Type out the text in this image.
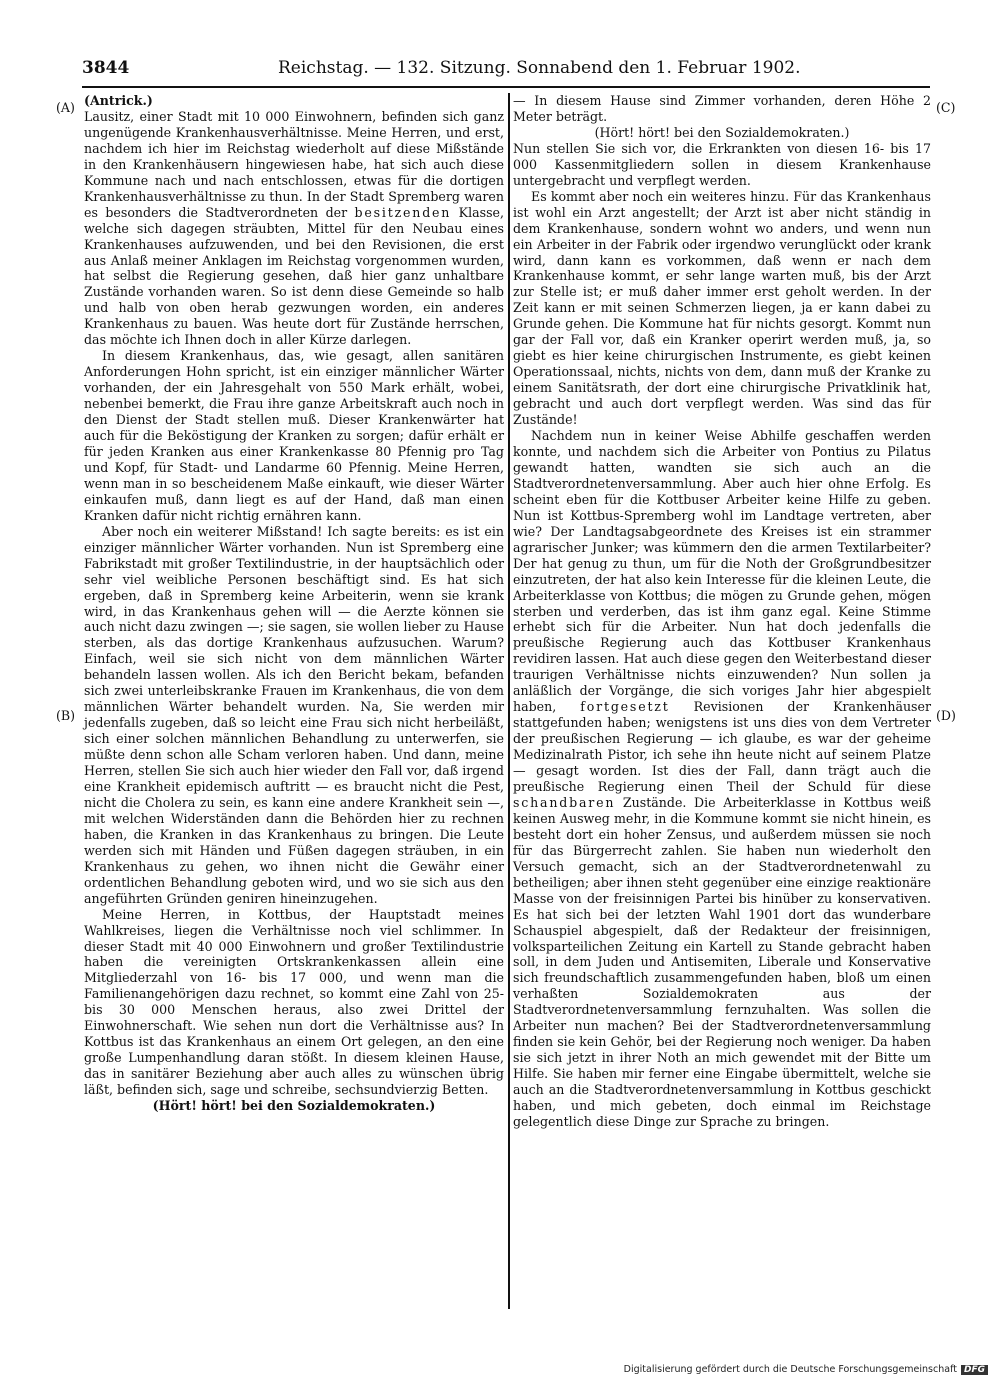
3844	Reichstag. — 132. Sitzung. Sonnabend den 1. Februar 1902.
(A)
(B)
(C)
(D)

(Antrick.)

Lausitz, einer Stadt mit 10 000 Einwohnern, befinden sich ganz ungenügende Krankenhausverhältnisse. Meine Herren, und erst, nachdem ich hier im Reichstag wiederholt auf diese Mißstände in den Krankenhäusern hingewiesen habe, hat sich auch diese Kommune nach und nach entschlossen, etwas für die dortigen Krankenhausverhältnisse zu thun. In der Stadt Spremberg waren es besonders die Stadtverordneten der besitzenden Klasse, welche sich dagegen sträubten, Mittel für den Neubau eines Krankenhauses aufzuwenden, und bei den Revisionen, die erst aus Anlaß meiner Anklagen im Reichstag vorgenommen wurden, hat selbst die Regierung gesehen, daß hier ganz unhaltbare Zustände vorhanden waren. So ist denn diese Gemeinde so halb und halb von oben herab gezwungen worden, ein anderes Krankenhaus zu bauen. Was heute dort für Zustände herrschen, das möchte ich Ihnen doch in aller Kürze darlegen.

In diesem Krankenhaus, das, wie gesagt, allen sanitären Anforderungen Hohn spricht, ist ein einziger männlicher Wärter vorhanden, der ein Jahresgehalt von 550 Mark erhält, wobei, nebenbei bemerkt, die Frau ihre ganze Arbeitskraft auch noch in den Dienst der Stadt stellen muß. Dieser Krankenwärter hat auch für die Beköstigung der Kranken zu sorgen; dafür erhält er für jeden Kranken aus einer Krankenkasse 80 Pfennig pro Tag und Kopf, für Stadt- und Landarme 60 Pfennig. Meine Herren, wenn man in so bescheidenem Maße einkauft, wie dieser Wärter einkaufen muß, dann liegt es auf der Hand, daß man einen Kranken dafür nicht richtig ernähren kann.

Aber noch ein weiterer Mißstand! Ich sagte bereits: es ist ein einziger männlicher Wärter vorhanden. Nun ist Spremberg eine Fabrikstadt mit großer Textilindustrie, in der hauptsächlich oder sehr viel weibliche Personen beschäftigt sind. Es hat sich ergeben, daß in Spremberg keine Arbeiterin, wenn sie krank wird, in das Krankenhaus gehen will — die Aerzte können sie auch nicht dazu zwingen —; sie sagen, sie wollen lieber zu Hause sterben, als das dortige Krankenhaus aufzusuchen. Warum? Einfach, weil sie sich nicht von dem männlichen Wärter behandeln lassen wollen. Als ich den Bericht bekam, befanden sich zwei unterleibskranke Frauen im Krankenhaus, die von dem männlichen Wärter behandelt wurden. Na, Sie werden mir jedenfalls zugeben, daß so leicht eine Frau sich nicht herbeiläßt, sich einer solchen männlichen Behandlung zu unterwerfen, sie müßte denn schon alle Scham verloren haben. Und dann, meine Herren, stellen Sie sich auch hier wieder den Fall vor, daß irgend eine Krankheit epidemisch auftritt — es braucht nicht die Pest, nicht die Cholera zu sein, es kann eine andere Krankheit sein —, mit welchen Widerständen dann die Behörden hier zu rechnen haben, die Kranken in das Krankenhaus zu bringen. Die Leute werden sich mit Händen und Füßen dagegen sträuben, in ein Krankenhaus zu gehen, wo ihnen nicht die Gewähr einer ordentlichen Behandlung geboten wird, und wo sie sich aus den angeführten Gründen geniren hineinzugehen.

Meine Herren, in Kottbus, der Hauptstadt meines Wahlkreises, liegen die Verhältnisse noch viel schlimmer. In dieser Stadt mit 40 000 Einwohnern und großer Textilindustrie haben die vereinigten Ortskrankenkassen allein eine Mitgliederzahl von 16- bis 17 000, und wenn man die Familienangehörigen dazu rechnet, so kommt eine Zahl von 25- bis 30 000 Menschen heraus, also zwei Drittel der Einwohnerschaft. Wie sehen nun dort die Verhältnisse aus? In Kottbus ist das Krankenhaus an einem Ort gelegen, an den eine große Lumpenhandlung daran stößt. In diesem kleinen Hause, das in sanitärer Beziehung aber auch alles zu wünschen übrig läßt, befinden sich, sage und schreibe, sechsundvierzig Betten.

(Hört! hört! bei den Sozialdemokraten.)

— In diesem Hause sind Zimmer vorhanden, deren Höhe 2 Meter beträgt.

(Hört! hört! bei den Sozialdemokraten.)

Nun stellen Sie sich vor, die Erkrankten von diesen 16- bis 17 000 Kassenmitgliedern sollen in diesem Krankenhause untergebracht und verpflegt werden.

Es kommt aber noch ein weiteres hinzu. Für das Krankenhaus ist wohl ein Arzt angestellt; der Arzt ist aber nicht ständig in dem Krankenhause, sondern wohnt wo anders, und wenn nun ein Arbeiter in der Fabrik oder irgendwo verunglückt oder krank wird, dann kann es vorkommen, daß wenn er nach dem Krankenhause kommt, er sehr lange warten muß, bis der Arzt zur Stelle ist; er muß daher immer erst geholt werden. In der Zeit kann er mit seinen Schmerzen liegen, ja er kann dabei zu Grunde gehen. Die Kommune hat für nichts gesorgt. Kommt nun gar der Fall vor, daß ein Kranker operirt werden muß, ja, so giebt es hier keine chirurgischen Instrumente, es giebt keinen Operationssaal, nichts, nichts von dem, dann muß der Kranke zu einem Sanitätsrath, der dort eine chirurgische Privatklinik hat, gebracht und auch dort verpflegt werden. Was sind das für Zustände!

Nachdem nun in keiner Weise Abhilfe geschaffen werden konnte, und nachdem sich die Arbeiter von Pontius zu Pilatus gewandt hatten, wandten sie sich auch an die Stadtverordnetenversammlung. Aber auch hier ohne Erfolg. Es scheint eben für die Kottbuser Arbeiter keine Hilfe zu geben. Nun ist Kottbus-Spremberg wohl im Landtage vertreten, aber wie? Der Landtagsabgeordnete des Kreises ist ein strammer agrarischer Junker; was kümmern den die armen Textilarbeiter? Der hat genug zu thun, um für die Noth der Großgrundbesitzer einzutreten, der hat also kein Interesse für die kleinen Leute, die Arbeiterklasse von Kottbus; die mögen zu Grunde gehen, mögen sterben und verderben, das ist ihm ganz egal. Keine Stimme erhebt sich für die Arbeiter. Nun hat doch jedenfalls die preußische Regierung auch das Kottbuser Krankenhaus revidiren lassen. Hat auch diese gegen den Weiterbestand dieser traurigen Verhältnisse nichts einzuwenden? Nun sollen ja anläßlich der Vorgänge, die sich voriges Jahr hier abgespielt haben, fortgesetzt Revisionen der Krankenhäuser stattgefunden haben; wenigstens ist uns dies von dem Vertreter der preußischen Regierung — ich glaube, es war der geheime Medizinalrath Pistor, ich sehe ihn heute nicht auf seinem Platze — gesagt worden. Ist dies der Fall, dann trägt auch die preußische Regierung einen Theil der Schuld für diese schandbaren Zustände. Die Arbeiterklasse in Kottbus weiß keinen Ausweg mehr, in die Kommune kommt sie nicht hinein, es besteht dort ein hoher Zensus, und außerdem müssen sie noch für das Bürgerrecht zahlen. Sie haben nun wiederholt den Versuch gemacht, sich an der Stadtverordnetenwahl zu betheiligen; aber ihnen steht gegenüber eine einzige reaktionäre Masse von der freisinnigen Partei bis hinüber zu konservativen. Es hat sich bei der letzten Wahl 1901 dort das wunderbare Schauspiel abgespielt, daß der Redakteur der freisinnigen, volksparteilichen Zeitung ein Kartell zu Stande gebracht haben soll, in dem Juden und Antisemiten, Liberale und Konservative sich freundschaftlich zusammengefunden haben, bloß um einen verhaßten Sozialdemokraten aus der Stadtverordnetenversammlung fernzuhalten. Was sollen die Arbeiter nun machen? Bei der Stadtverordnetenversammlung finden sie kein Gehör, bei der Regierung noch weniger. Da haben sie sich jetzt in ihrer Noth an mich gewendet mit der Bitte um Hilfe. Sie haben mir ferner eine Eingabe übermittelt, welche sie auch an die Stadtverordnetenversammlung in Kottbus geschickt haben, und mich gebeten, doch einmal im Reichstage gelegentlich diese Dinge zur Sprache zu bringen.

Digitalisierung gefördert durch die Deutsche Forschungsgemeinschaft DFG
